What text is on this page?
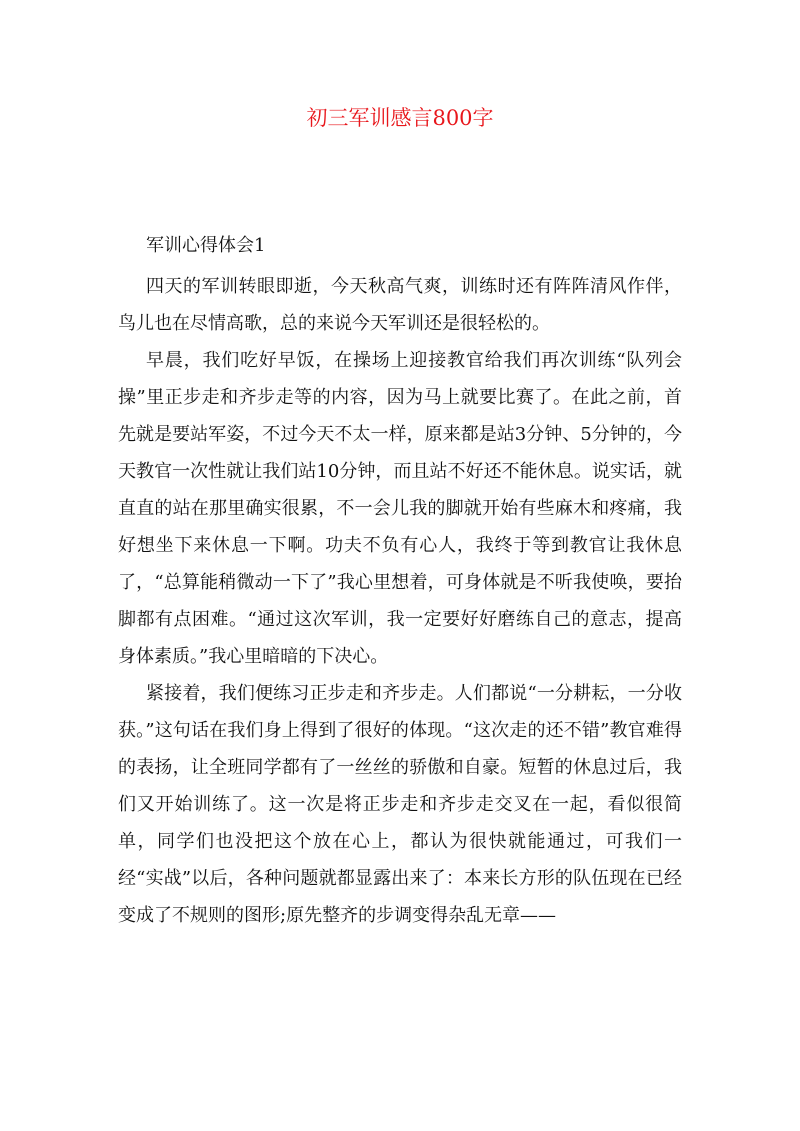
初三军训感言800字

军训心得体会1

四天的军训转眼即逝，今天秋高气爽，训练时还有阵阵清风作伴，鸟儿也在尽情高歌，总的来说今天军训还是很轻松的。

早晨，我们吃好早饭，在操场上迎接教官给我们再次训练“队列会操”里正步走和齐步走等的内容，因为马上就要比赛了。在此之前，首先就是要站军姿，不过今天不太一样，原来都是站3分钟、5分钟的，今天教官一次性就让我们站10分钟，而且站不好还不能休息。说实话，就直直的站在那里确实很累，不一会儿我的脚就开始有些麻木和疼痛，我好想坐下来休息一下啊。功夫不负有心人，我终于等到教官让我休息了，“总算能稍微动一下了”我心里想着，可身体就是不听我使唤，要抬脚都有点困难。“通过这次军训，我一定要好好磨练自己的意志，提高身体素质。”我心里暗暗的下决心。

紧接着，我们便练习正步走和齐步走。人们都说“一分耕耘，一分收获。”这句话在我们身上得到了很好的体现。“这次走的还不错”教官难得的表扬，让全班同学都有了一丝丝的骄傲和自豪。短暂的休息过后，我们又开始训练了。这一次是将正步走和齐步走交叉在一起，看似很简单，同学们也没把这个放在心上，都认为很快就能通过，可我们一经“实战”以后，各种问题就都显露出来了：本来长方形的队伍现在已经变成了不规则的图形;原先整齐的步调变得杂乱无章——
